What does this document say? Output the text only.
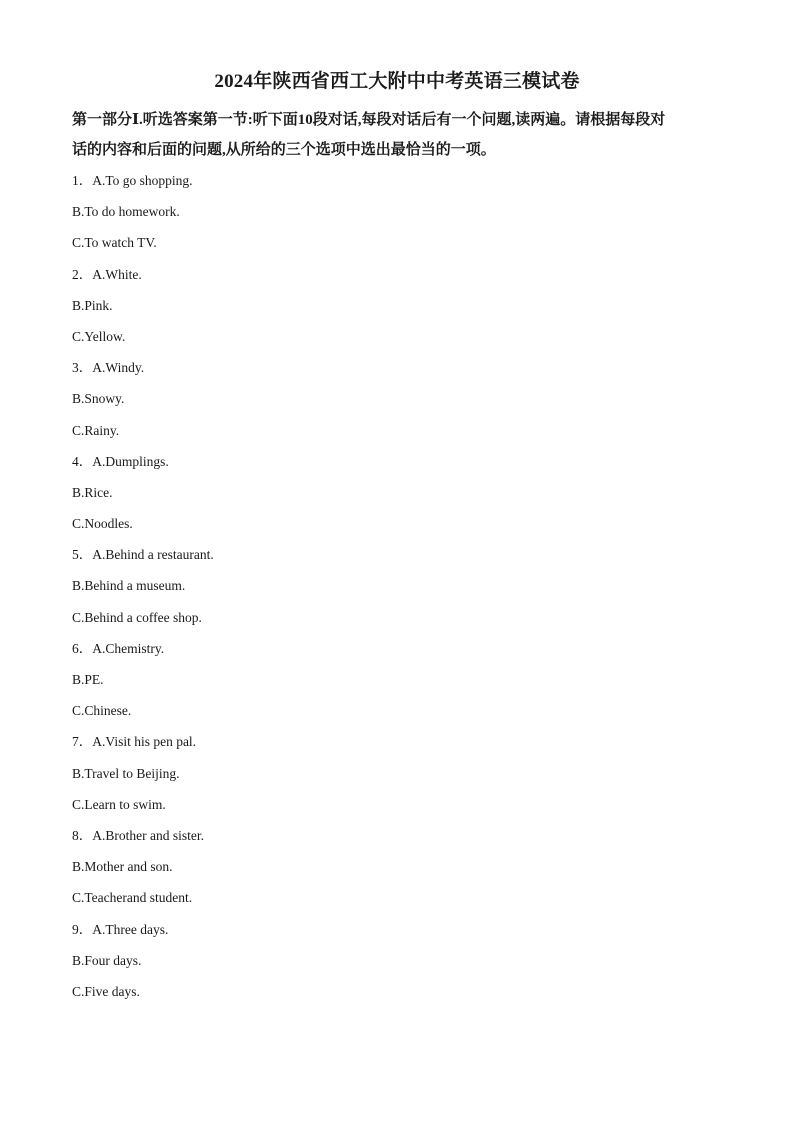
2024年陕西省西工大附中中考英语三模试卷
第一部分Ⅰ.听选答案第一节:听下面10段对话,每段对话后有一个问题,读两遍。请根据每段对
话的内容和后面的问题,从所给的三个选项中选出最恰当的一项。
1．A.To go shopping.
B.To do homework.
C.To watch TV.
2．A.White.
B.Pink.
C.Yellow.
3．A.Windy.
B.Snowy.
C.Rainy.
4．A.Dumplings.
B.Rice.
C.Noodles.
5．A.Behind a restaurant.
B.Behind a museum.
C.Behind a coffee shop.
6．A.Chemistry.
B.PE.
C.Chinese.
7．A.Visit his pen pal.
B.Travel to Beijing.
C.Learn to swim.
8．A.Brother and sister.
B.Mother and son.
C.Teacherand student.
9．A.Three days.
B.Four days.
C.Five days.
